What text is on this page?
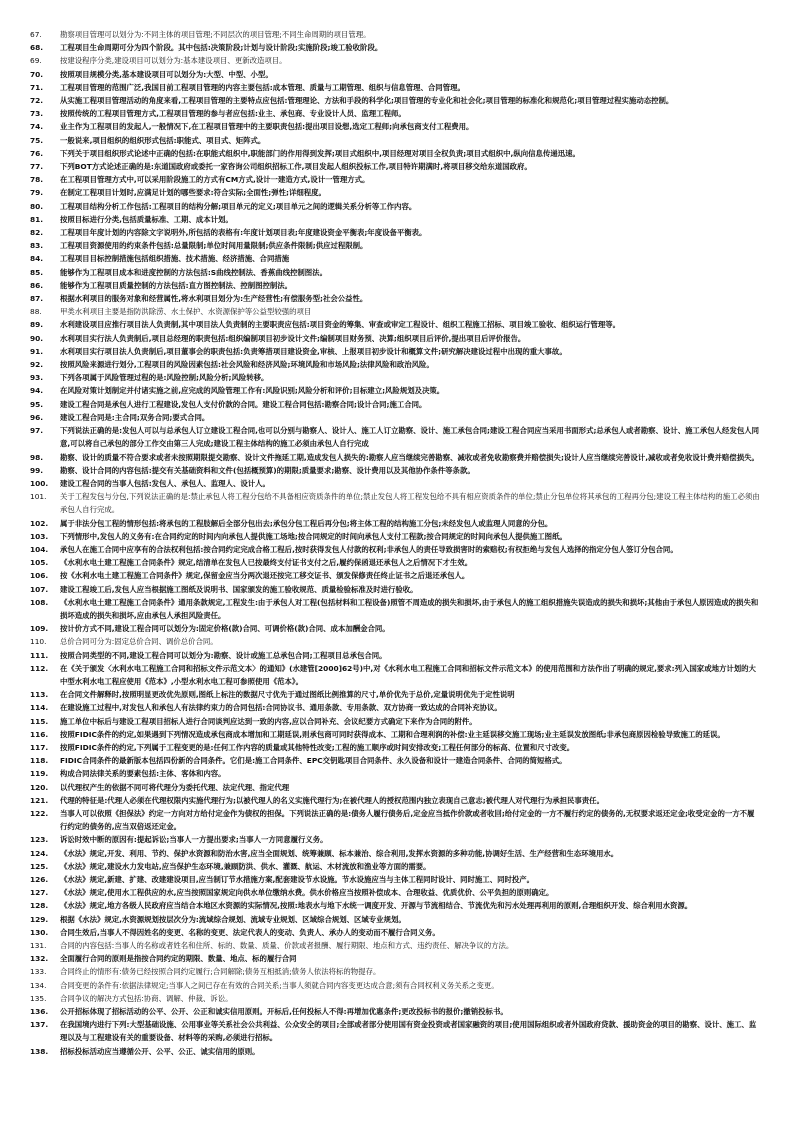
67.	勘察项目管理可以划分为:不同主体的项目管理;不同层次的项目管理;不同生命周期的项目管理。

68.	工程项目生命周期可分为四个阶段。其中包括:决策阶段;计划与设计阶段;实施阶段;竣工验收阶段。

69.	按建设程序分类,建设项目可以划分为:基本建设项目、更新改造项目。

70.	按照项目规模分类,基本建设项目可以划分为:大型、中型、小型。

71.	工程项目管理的范围广泛,我国目前工程项目管理的内容主要包括:成本管理、质量与工期管理、组织与信息管理、合同管理。

72.	从实施工程项目管理活动的角度来看,工程项目管理的主要特点应包括:管理理论、方法和手段的科学化;项目管理的专业化和社会化;项目管理的标准化和规范化;项目管理过程实施动态控制。

73.	按照传统的工程项目管理方式,工程项目管理的参与者应包括:业主、承包商、专业设计人员、监理工程师。

74.	业主作为工程项目的发起人,一般情况下,在工程项目管理中的主要职责包括:提出项目设想,选定工程师;向承包商支付工程费用。

75.	一般说来,项目组织的组织形式包括:职能式、项目式、矩阵式。

76.	下列关于项目组织形式论述中正确的包括:在职能式组织中,职能部门的作用得到发挥;项目式组织中,项目经理对项目全权负责;项目式组织中,纵向信息传递迅速。

77.	下列BOT方式论述正确的是:东道国政府或委托一家咨询公司组织招标工作,项目发起人组织投标工作,项目特许期满时,将项目移交给东道国政府。

78.	在工程项目管理方式中,可以采用阶段施工的方式有CM方式,设计一建造方式,设计一管理方式。

79.	在制定工程项目计划时,应满足计划的哪些要求:符合实际;全面性;弹性;详细程度。

80.	工程项目结构分析工作包括:工程项目的结构分解;项目单元的定义;项目单元之间的逻辑关系分析等工作内容。

81.	按照目标进行分类,包括质量标准、工期、成本计划。

82.	工程项目年度计划的内容除文字说明外,所包括的表格有:年度计划项目表;年度建设资金平衡表;年度设备平衡表。

83.	工程项目资源使用的约束条件包括:总量限制;单位时间用量限制;供应条件限制;供应过程限制。

84.	工程项目目标控制措施包括组织措施、技术措施、经济措施、合同措施

85.	能够作为工程项目成本和进度控制的方法包括:S曲线控制法、香蕉曲线控制图法。

86.	能够作为工程项目质量控制的方法包括:直方图控制法、控制图控制法。

87.	根据水利项目的服务对象和经营属性,将水利项目划分为:生产经营性;有偿服务型;社会公益性。

88.	甲类水利项目主要是指防洪除涝、水土保护、水资源保护等公益型较强的项目

89.	水利建设项目应推行项目法人负责制,其中项目法人负责制的主要职责应包括:项目资金的筹集、审查或审定工程设计、组织工程施工招标、项目竣工验收、组织运行管理等。

90.	水利项目实行法人负责制后,项目总经理的职责包括:组织编制项目初步设计文件;编制项目财务预、决算;组织项目后评价,提出项目后评价报告。

91.	水利项目实行项目法人负责制后,项目董事会的职责包括:负责筹措项目建设资金,审核、上报项目初步设计和概算文件;研究解决建设过程中出现的重大事故。

92.	按照风险来源进行划分,工程项目的风险因素包括:社会风险和经济风险;环境风险和市场风险;法律风险和政治风险。

93.	下列各项属于风险管理过程的是:风险控制;风险分析;风险转移。

94.	在风险对策计划制定并付诸实施之前,应完成的风险管理工作有:风险识别;风险分析和评价;目标建立;风险规划及决策。

95.	建设工程合同是承包人进行工程建设,发包人支付价款的合同。建设工程合同包括:勘察合同;设计合同;施工合同。

96.	建设工程合同是:主合同;双务合同;要式合同。

97.	下列说法正确的是:发包人可以与总承包人订立建设工程合同,也可以分别与勘察人、设计人、施工人订立勘察、设计、施工承包合同;建设工程合同应当采用书面形式;总承包人或者勘察、设计、施工承包人经发包人同意,可以将自己承包的部分工作交由第三人完成;建设工程主体结构的施工必须由承包人自行完成

98.	勘察、设计的质量不符合要求或者未按照期限提交勘察、设计文件拖延工期,造成发包人损失的:勘察人应当继续完善勘察、减收或者免收勘察费并赔偿损失;设计人应当继续完善设计,减收或者免收设计费并赔偿损失。

99.	勘察、设计合同的内容包括:提交有关基础资料和文件(包括概预算)的期限;质量要求;勘察、设计费用以及其他协作条件等条款。

100.	建设工程合同的当事人包括:发包人、承包人、监理人、设计人。

101.	关于工程发包与分包,下列说法正确的是:禁止承包人将工程分包给不具备相应资质条件的单位;禁止发包人将工程发包给不具有相应资质条件的单位;禁止分包单位将其承包的工程再分包;建设工程主体结构的施工必须由承包人自行完成。

102.	属于非法分包工程的情形包括:将承包的工程肢解后全部分包出去;承包分包工程后再分包;将主体工程的结构施工分包;未经发包人或监理人同意的分包。

103.	下列情形中,发包人的义务有:在合同约定的时间内向承包人提供施工场地;按合同规定的时间向承包人支付工程款;按合同规定的时间向承包人提供施工图纸。

104.	承包人在施工合同中应享有的合法权利包括:按合同约定完成合格工程后,按时获得发包人付款的权利;非承包人的责任导致损害时的索赔权;有权拒绝与发包人选择的指定分包人签订分包合同。

105.	《水利水电土建工程施工合同条件》规定,结清单在发包人已按最终支付证书支付之后,履约保函退还承包人之后情况下才生效。

106.	按《水利水电土建工程施工合同条件》规定,保留金应当分两次退还按完工移交证书、颁发保修责任终止证书之后退还承包人。

107.	建设工程竣工后,发包人应当根据施工图纸及说明书、国家颁发的施工验收规范、质量检验标准及时进行验收。

108.	《水利水电土建工程施工合同条件》通用条款规定,工程发生:由于承包人对工程(包括材料和工程设备)照管不周造成的损失和损坏,由于承包人的施工组织措施失误造成的损失和损坏;其他由于承包人原因造成的损失和损坏造成的损失和损坏,应由承包人承担风险责任。

109.	按计价方式不同,建设工程合同可以划分为:固定价格(款)合同、可调价格(款)合同、成本加酬金合同。

110.	总价合同可分为:固定总价合同、调价总价合同。

111.	按照合同类型的不同,建设工程合同可以划分为:勘察、设计或施工总承包合同;工程项目总承包合同。

112.	在《关于颁发〈水利水电工程施工合同和招标文件示范文本〉的通知》(水建管[2000]62号)中,对《水利水电工程施工合同和招标文件示范文本》的使用范围和方法作出了明确的规定,要求:列入国家或地方计划的大中型水利水电工程应使用《范本》,小型水利水电工程可参照使用《范本》。

113.	在合同文件解释时,按照明显更改优先原则,图纸上标注的数据尺寸优先于通过图纸比例推算的尺寸,单价优先于总价,定量说明优先于定性说明

114.	在建设施工过程中,对发包人和承包人有法律约束力的合同包括:合同协议书、通用条款、专用条款、双方协商一致达成的合同补充协议。

115.	施工单位中标后与建设工程项目招标人进行合同谈判应达到一致的内容,应以合同补充、会议纪要方式确定下来作为合同的附件。

116.	按照FIDIC条件的约定,如果遇到下列情况造成承包商成本增加和工期延误,则承包商可同时获得成本、工期和合理利润的补偿:业主延误移交施工现场;业主延误发放图纸;非承包商原因检验导致施工的延误。

117.	按照FIDIC条件的约定,下列属于工程变更的是:任何工作内容的质量或其他特性改变;工程的施工顺序或时间安排改变;工程任何部分的标高、位置和尺寸改变。

118.	FIDIC合同条件的最新版本包括四份新的合同条件。它们是:施工合同条件、EPC交钥匙项目合同条件、永久设备和设计一建造合同条件、合同的简短格式。

119.	构成合同法律关系的要素包括:主体、客体和内容。

120.	以代理权产生的依据不同可将代理分为委托代理、法定代理、指定代理

121.	代理的特征是:代理人必须在代理权限内实施代理行为;以被代理人的名义实施代理行为;在被代理人的授权范围内独立表现自己意志;被代理人对代理行为承担民事责任。

122.	当事人可以依照《担保法》约定一方向对方给付定金作为债权的担保。下列说法正确的是:债务人履行债务后,定金应当抵作价款或者收回;给付定金的一方不履行约定的债务的,无权要求返还定金;收受定金的一方不履行约定的债务的,应当双倍返还定金。

123.	诉讼时效中断的原因有:提起诉讼;当事人一方提出要求;当事人一方同意履行义务。

124.	《水法》规定,开发、利用、节约、保护水资源和防治水害,应当全面规划、统筹兼顾、标本兼治、综合利用,发挥水资源的多种功能,协调好生活、生产经营和生态环境用水。

125.	《水法》规定,建设水力发电站,应当保护生态环境,兼顾防洪、供水、灌溉、航运、木材流放和渔业等方面的需要。

126.	《水法》规定,新建、扩建、改建建设项目,应当制订节水措施方案,配套建设节水设施。节水设施应当与主体工程同时设计、同时施工、同时投产。

127.	《水法》规定,使用水工程供应的水,应当按照国家规定向供水单位缴纳水费。供水价格应当按照补偿成本、合理收益、优质优价、公平负担的原则确定。

128.	《水法》规定,地方各级人民政府应当结合本地区水资源的实际情况,按照:地表水与地下水统一调度开发、开源与节流相结合、节流优先和污水处理再利用的原则,合理组织开发、综合利用水资源。

129.	根据《水法》规定,水资源规划按层次分为:流域综合规划、流域专业规划、区域综合规划、区域专业规划。

130.	合同生效后,当事人不得因姓名的变更、名称的变更、法定代表人的变动、负责人、承办人的变动而不履行合同义务。

131.	合同的内容包括:当事人的名称或者姓名和住所、标的、数量、质量、价款或者报酬、履行期限、地点和方式、违约责任、解决争议的方法。

132.	全面履行合同的原则是指按合同约定的期限、数量、地点、标的履行合同

133.	合同终止的情形有:债务已经按照合同约定履行;合同解除;债务互相抵消;债务人依法将标的物提存。

134.	合同变更的条件有:依据法律规定;当事人之间已存在有效的合同关系;当事人须就合同内容变更达成合意;须有合同权利义务关系之变更。

135.	合同争议的解决方式包括:协商、调解、仲裁、诉讼。

136.	公开招标体现了招标活动的公平、公开、公正和诚实信用原则。开标后,任何投标人不得:再增加优惠条件;更改投标书的报价;撤销投标书。

137.	在我国境内进行下列:大型基础设施、公用事业等关系社会公共利益、公众安全的项目;全部或者部分使用国有资金投资或者国家融资的项目;使用国际组织或者外国政府贷款、援助资金的项目的勘察、设计、施工、监理以及与工程建设有关的重要设备、材料等的采购,必须进行招标。

138.	招标投标活动应当遵循公开、公平、公正、诚实信用的原则。
